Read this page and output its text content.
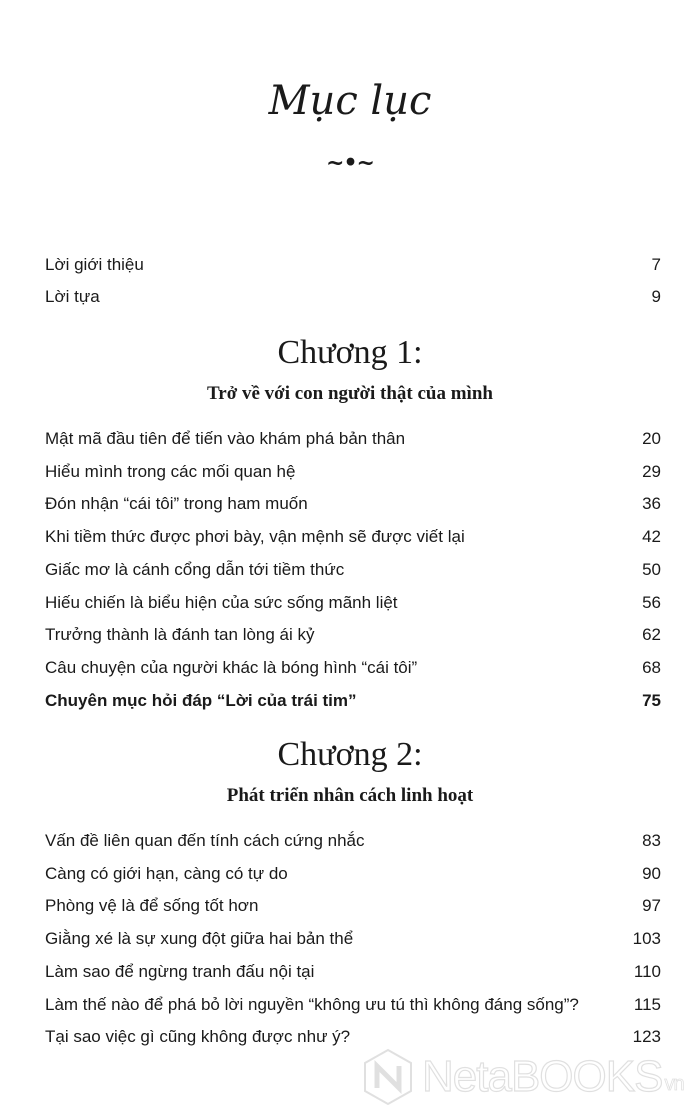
Mục lục
~•~
Lời giới thiệu	7
Lời tựa	9
Chương 1:
Trở về với con người thật của mình
Mật mã đầu tiên để tiến vào khám phá bản thân	20
Hiểu mình trong các mối quan hệ	29
Đón nhận “cái tôi” trong ham muốn	36
Khi tiềm thức được phơi bày, vận mệnh sẽ được viết lại	42
Giấc mơ là cánh cổng dẫn tới tiềm thức	50
Hiếu chiến là biểu hiện của sức sống mãnh liệt	56
Trưởng thành là đánh tan lòng ái kỷ	62
Câu chuyện của người khác là bóng hình “cái tôi”	68
Chuyên mục hỏi đáp “Lời của trái tim”	75
Chương 2:
Phát triển nhân cách linh hoạt
Vấn đề liên quan đến tính cách cứng nhắc	83
Càng có giới hạn, càng có tự do	90
Phòng vệ là để sống tốt hơn	97
Giằng xé là sự xung đột giữa hai bản thể	103
Làm sao để ngừng tranh đấu nội tại	110
Làm thế nào để phá bỏ lời nguyền “không ưu tú thì không đáng sống”?	115
Tại sao việc gì cũng không được như ý?	123
NetaBOOKS vn
